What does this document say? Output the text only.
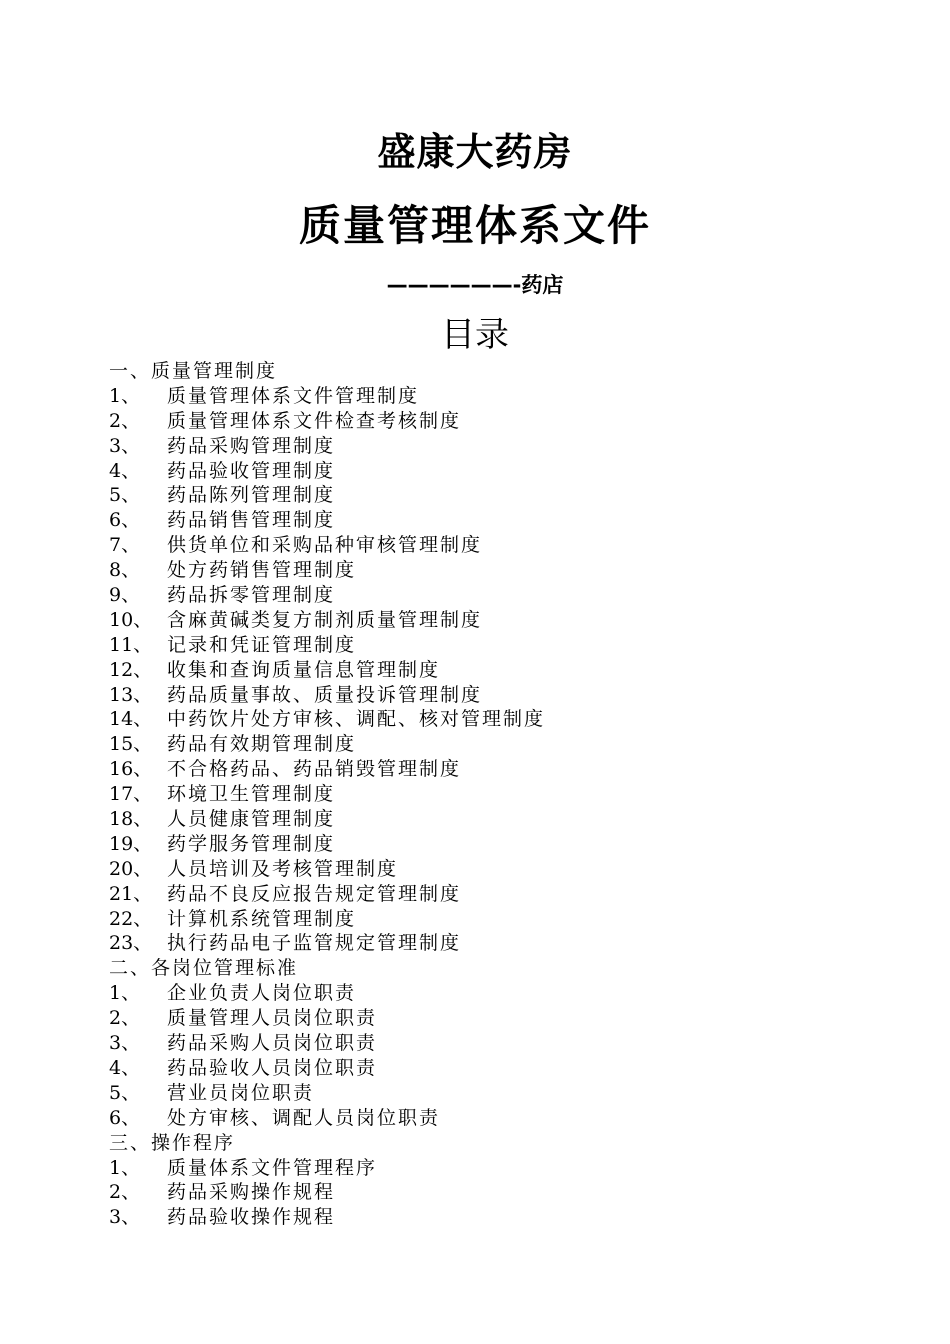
盛康大药房
质量管理体系文件
——————-药店
目录
一、质量管理制度
1、 质量管理体系文件管理制度
2、 质量管理体系文件检查考核制度
3、 药品采购管理制度
4、 药品验收管理制度
5、 药品陈列管理制度
6、 药品销售管理制度
7、 供货单位和采购品种审核管理制度
8、 处方药销售管理制度
9、 药品拆零管理制度
10、 含麻黄碱类复方制剂质量管理制度
11、 记录和凭证管理制度
12、 收集和查询质量信息管理制度
13、 药品质量事故、质量投诉管理制度
14、 中药饮片处方审核、调配、核对管理制度
15、 药品有效期管理制度
16、 不合格药品、药品销毁管理制度
17、 环境卫生管理制度
18、 人员健康管理制度
19、 药学服务管理制度
20、 人员培训及考核管理制度
21、 药品不良反应报告规定管理制度
22、 计算机系统管理制度
23、 执行药品电子监管规定管理制度
二、各岗位管理标准
1、 企业负责人岗位职责
2、 质量管理人员岗位职责
3、 药品采购人员岗位职责
4、 药品验收人员岗位职责
5、 营业员岗位职责
6、 处方审核、调配人员岗位职责
三、操作程序
1、 质量体系文件管理程序
2、 药品采购操作规程
3、 药品验收操作规程
